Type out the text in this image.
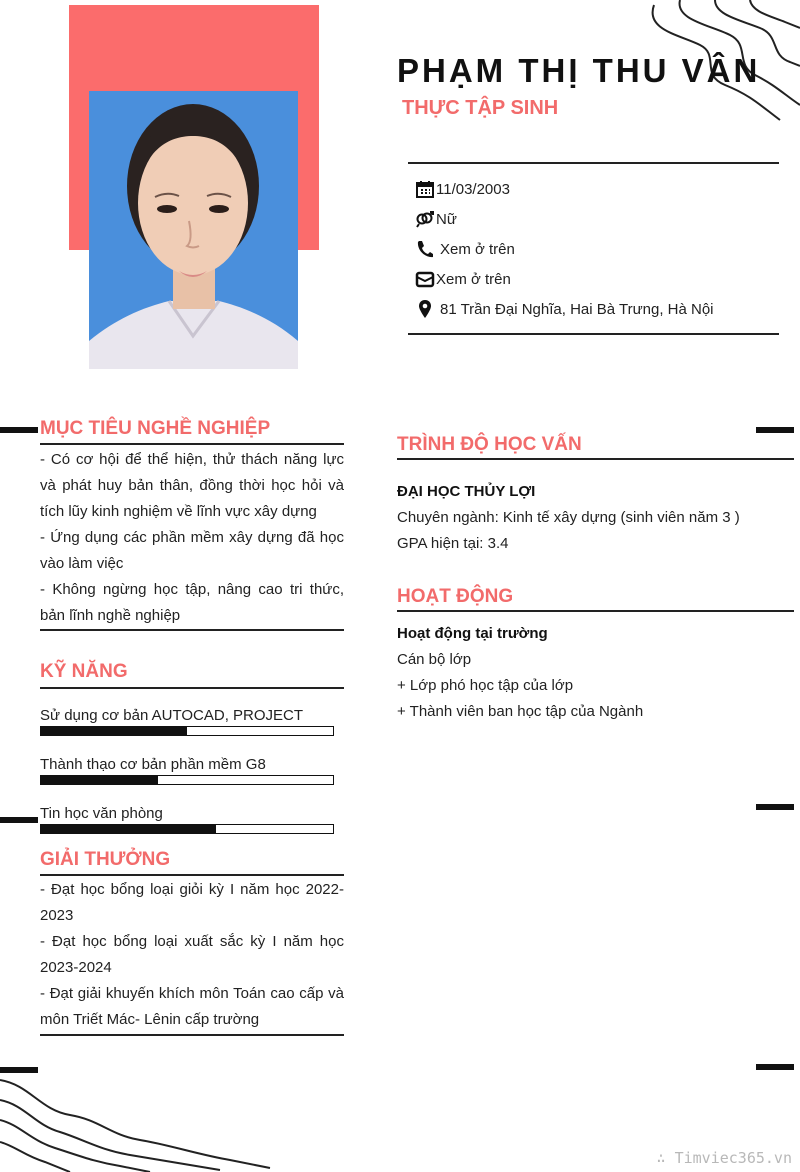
PHẠM THỊ THU VÂN
THỰC TẬP SINH
11/03/2003
Nữ
Xem ở trên
Xem ở trên
81 Trần Đại Nghĩa, Hai Bà Trưng, Hà Nội
MỤC TIÊU NGHỀ NGHIỆP

- Có cơ hội để thể hiện, thử thách năng lực và phát huy bản thân, đồng thời học hỏi và tích lũy kinh nghiệm về lĩnh vực xây dựng

- Ứng dụng các phần mềm xây dựng đã học vào làm việc

- Không ngừng học tập, nâng cao tri thức, bản lĩnh nghề nghiệp

KỸ NĂNG
Sử dụng cơ bản AUTOCAD, PROJECT
Thành thạo cơ bản phần mềm G8
Tin học văn phòng
GIẢI THƯỞNG

- Đạt học bổng loại giỏi kỳ I năm học 2022-2023

- Đạt học bổng loại xuất sắc kỳ I năm học 2023-2024

- Đạt giải khuyến khích môn Toán cao cấp và môn Triết Mác- Lênin cấp trường

TRÌNH ĐỘ HỌC VẤN
ĐẠI HỌC THỦY LỢI
Chuyên ngành: Kinh tế xây dựng (sinh viên năm 3 )
GPA hiện tại: 3.4
HOẠT ĐỘNG
Hoạt động tại trường
Cán bộ lớp
+ Lớp phó học tập của lớp
+ Thành viên ban học tập của Ngành
∴ Timviec365.vn
